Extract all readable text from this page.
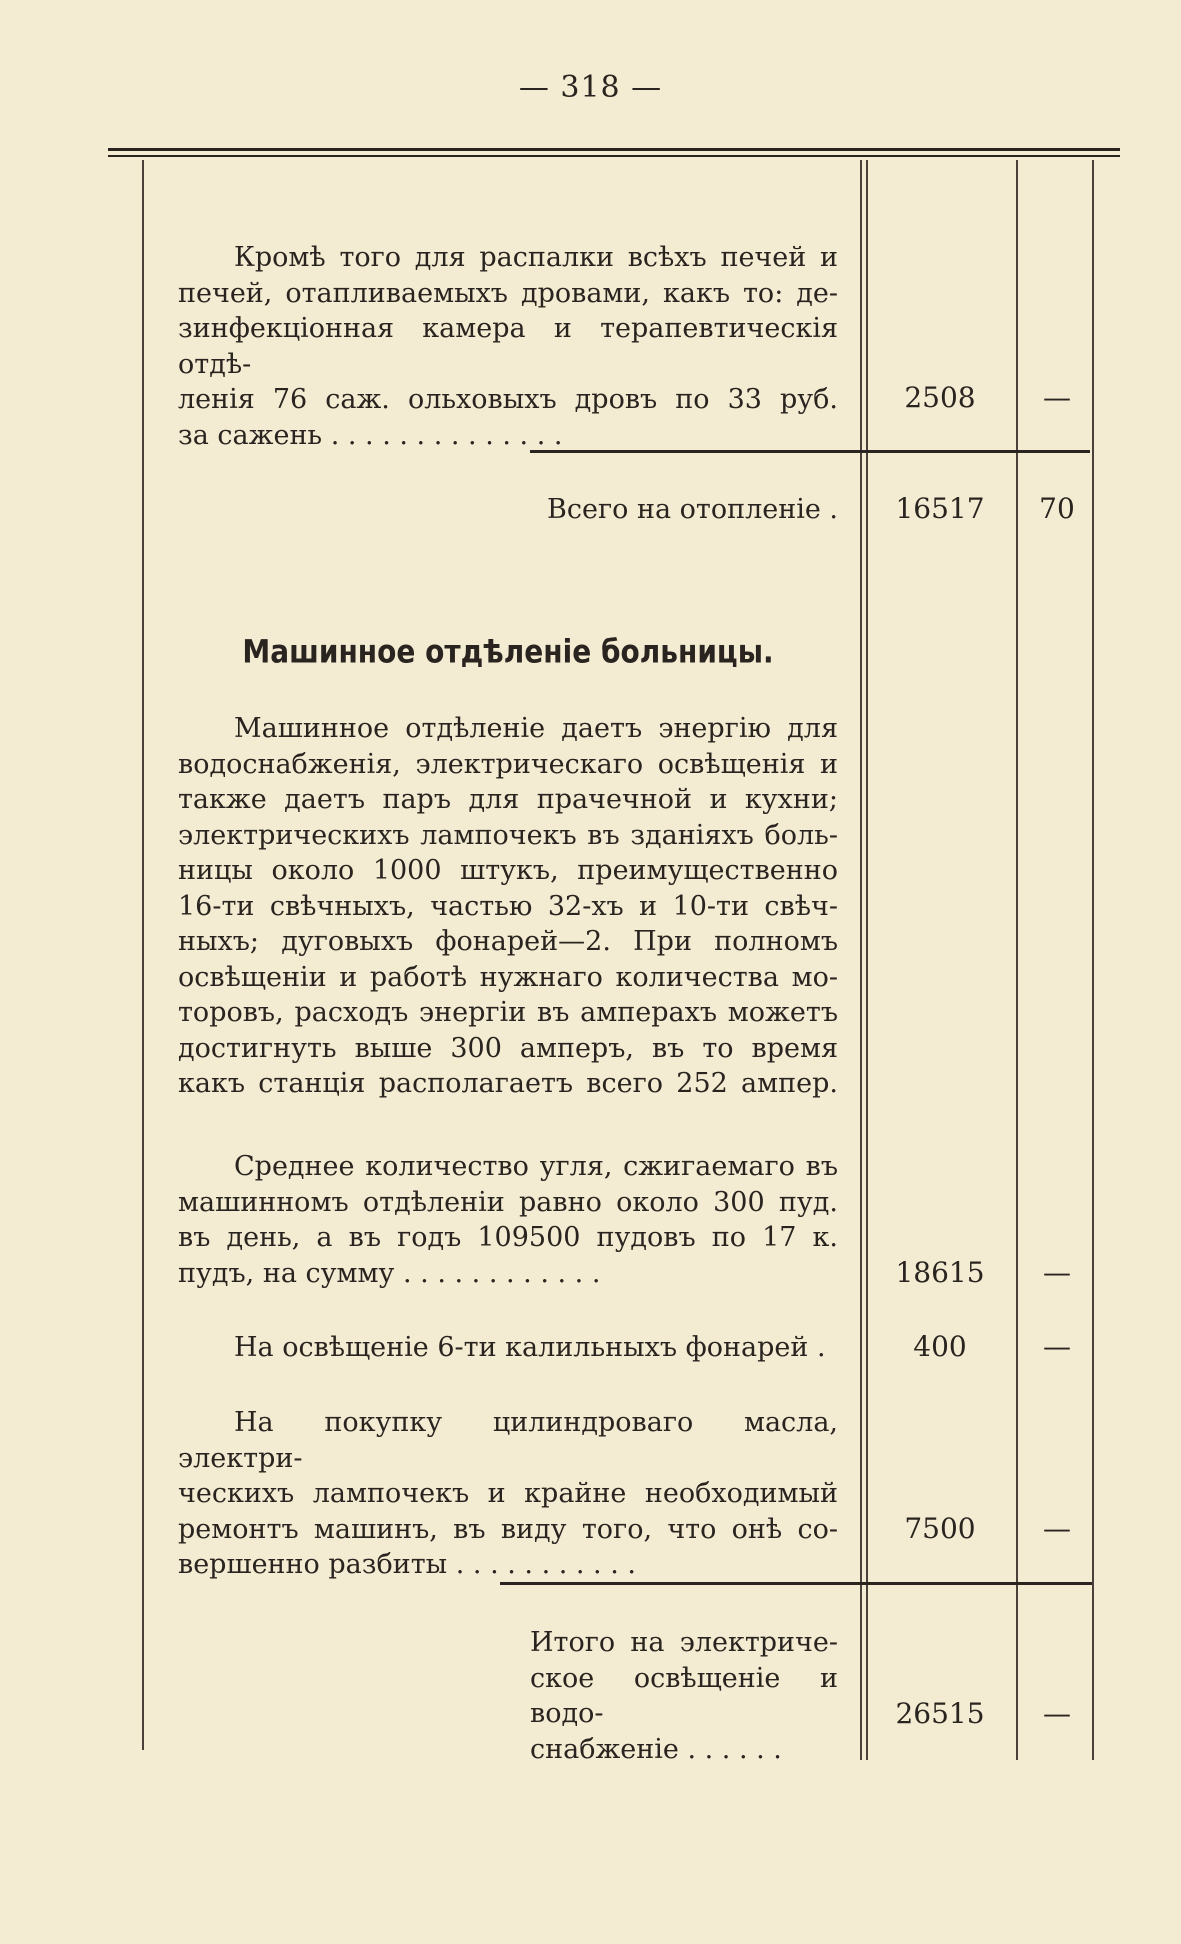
— 318 —
Кромѣ того для распалки всѣхъ печей и
печей, отапливаемыхъ дровами, какъ то: де-
зинфекціонная камера и терапевтическія отдѣ-
ленія 76 саж. ольховыхъ дровъ по 33 руб.
за сажень . . . . . . . . . . . . . .
2508	—
Всего на отопленіе .	16517	70
Машинное отдѣленіе больницы.
Машинное отдѣленіе даетъ энергію для
водоснабженія, электрическаго освѣщенія и
также даетъ паръ для прачечной и кухни;
электрическихъ лампочекъ въ зданіяхъ боль-
ницы около 1000 штукъ, преимущественно
16-ти свѣчныхъ, частью 32-хъ и 10-ти свѣч-
ныхъ; дуговыхъ фонарей—2. При полномъ
освѣщеніи и работѣ нужнаго количества мо-
торовъ, расходъ энергіи въ амперахъ можетъ
достигнуть выше 300 амперъ, въ то время
какъ станція располагаетъ всего 252 ампер.
Среднее количество угля, сжигаемаго въ
машинномъ отдѣленіи равно около 300 пуд.
въ день, а въ годъ 109500 пудовъ по 17 к.
пудъ, на сумму . . . . . . . . . . . .	18615	—
На освѣщеніе 6-ти калильныхъ фонарей .	400	—
На покупку цилиндроваго масла, электри-
ческихъ лампочекъ и крайне необходимый
ремонтъ машинъ, въ виду того, что онѣ со-
вершенно разбиты . . . . . . . . . . .
7500	—
Итого на электриче-
ское освѣщеніе и водо-
снабженіе . . . . . .
26515	—
